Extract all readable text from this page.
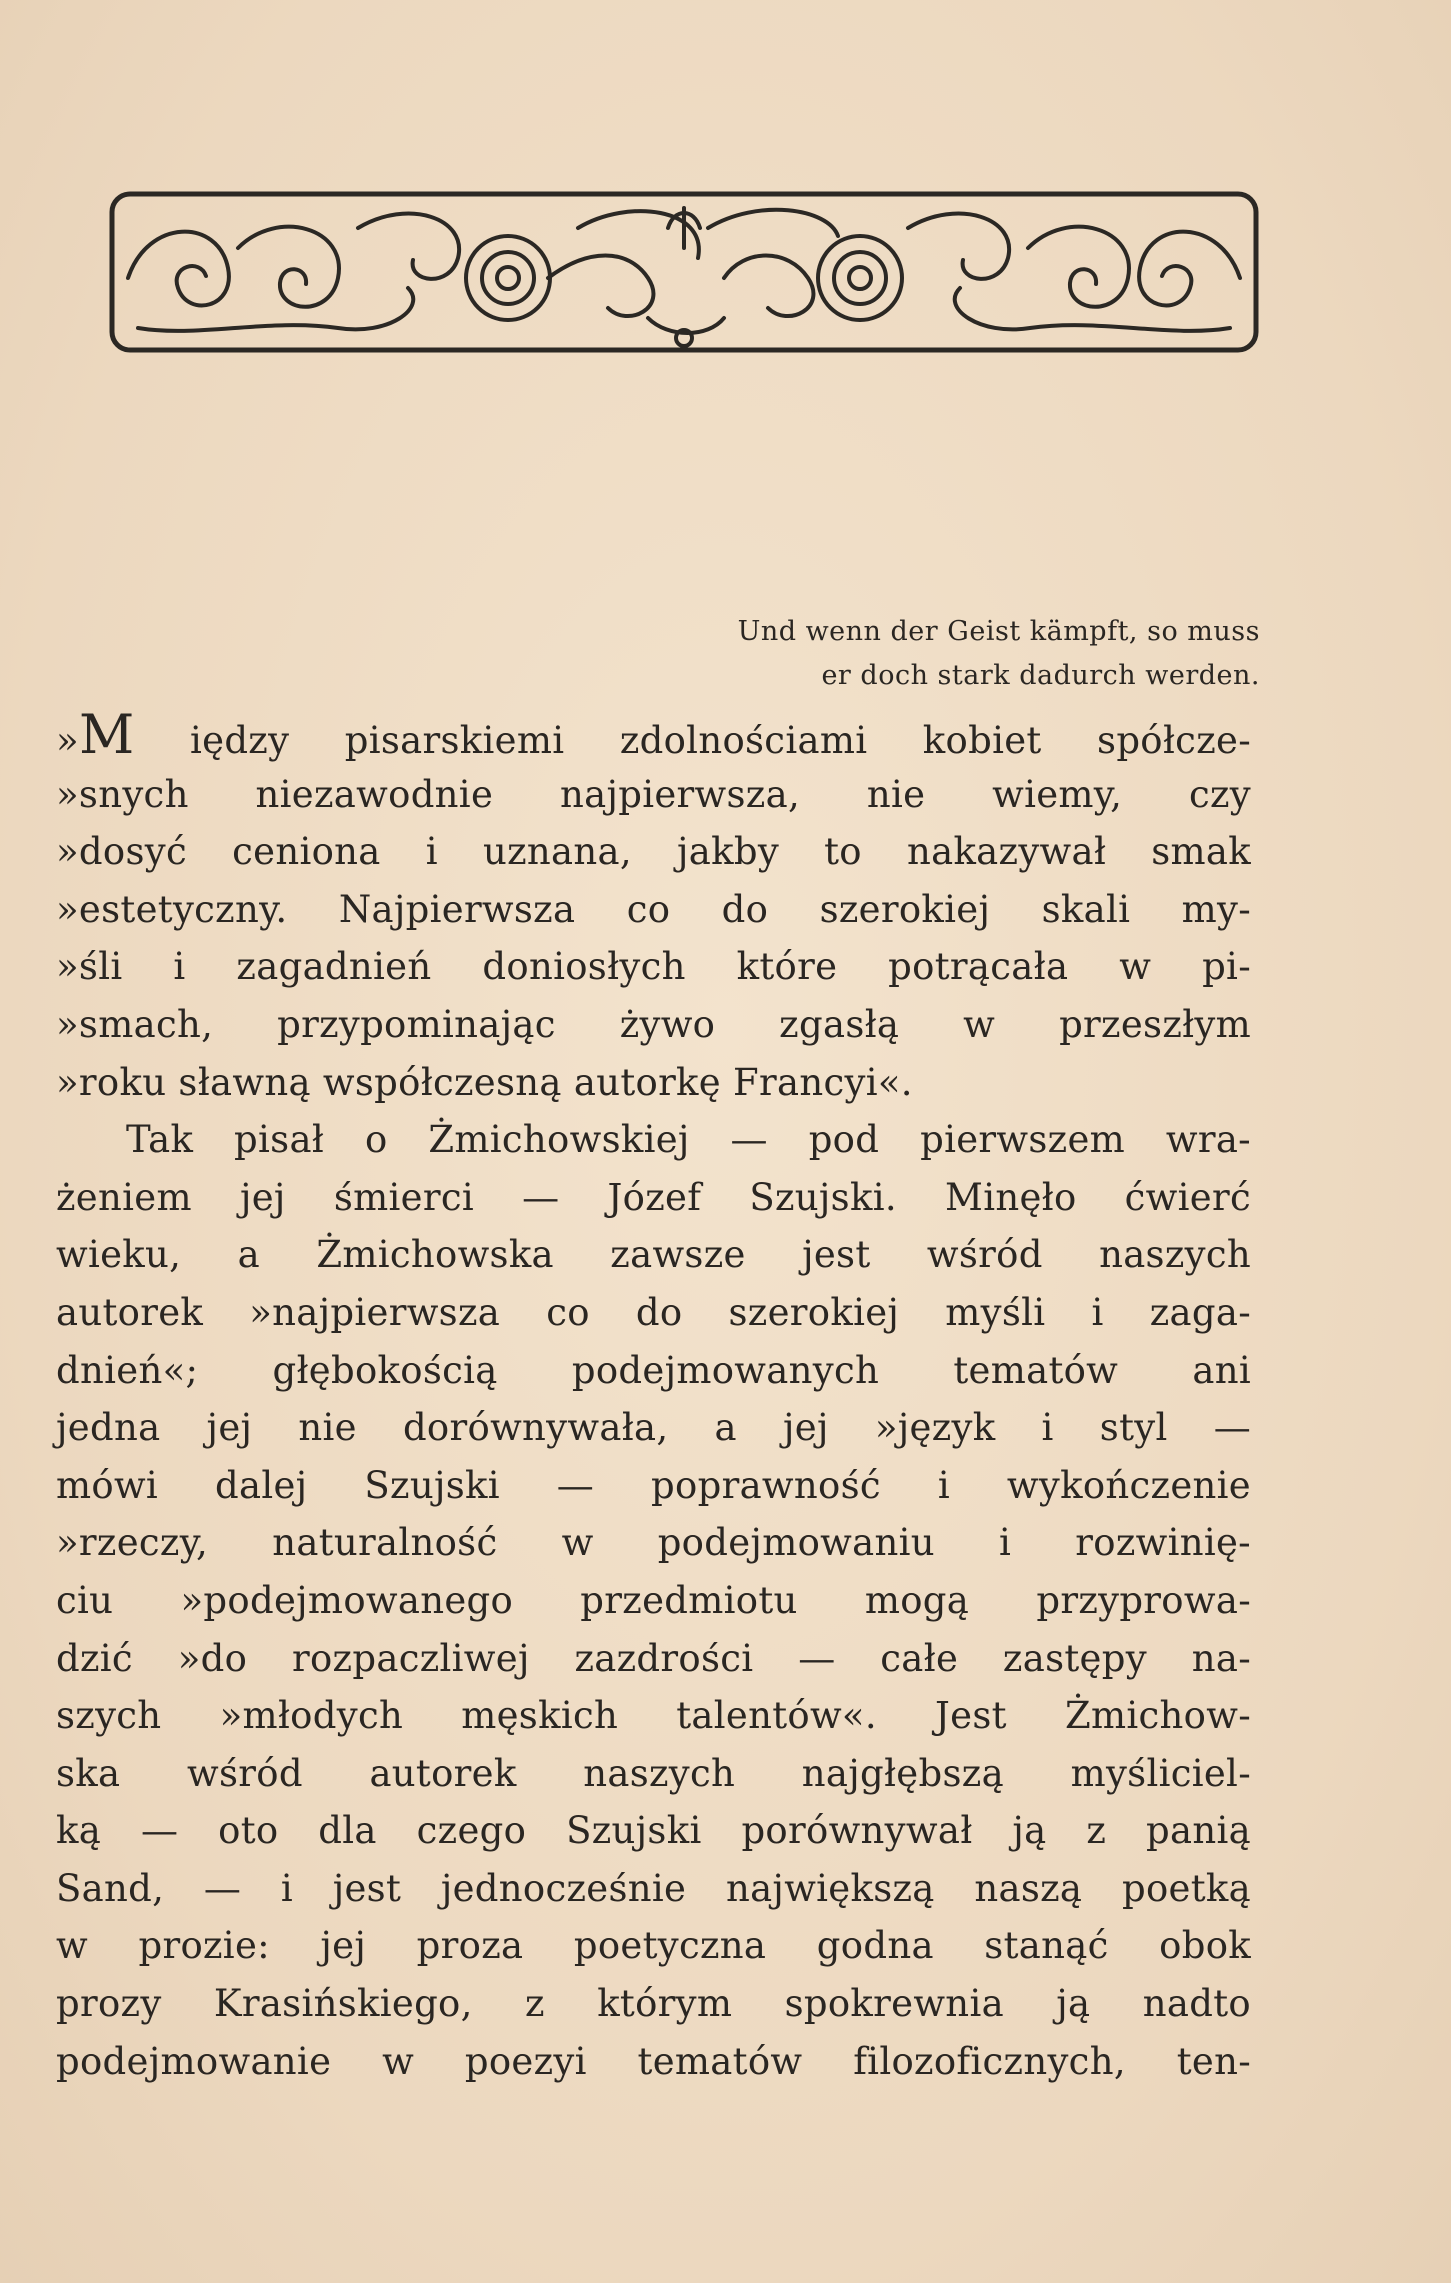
Und wenn der Geist kämpft, so muss
er doch stark dadurch werden.
»M iędzy pisarskiemi zdolnościami kobiet spółcze-
»snych niezawodnie najpierwsza, nie wiemy, czy
»dosyć ceniona i uznana, jakby to nakazywał smak
»estetyczny. Najpierwsza co do szerokiej skali my-
»śli i zagadnień doniosłych które potrącała w pi-
»smach, przypominając żywo zgasłą w przeszłym
»roku sławną współczesną autorkę Francyi«.
Tak pisał o Żmichowskiej — pod pierwszem wra-
żeniem jej śmierci — Józef Szujski. Minęło ćwierć
wieku, a Żmichowska zawsze jest wśród naszych
autorek »najpierwsza co do szerokiej myśli i zaga-
dnień«; głębokością podejmowanych tematów ani
jedna jej nie dorównywała, a jej »język i styl —
mówi dalej Szujski — poprawność i wykończenie
»rzeczy, naturalność w podejmowaniu i rozwinię-
ciu »podejmowanego przedmiotu mogą przyprowa-
dzić »do rozpaczliwej zazdrości — całe zastępy na-
szych »młodych męskich talentów«. Jest Żmichow-
ska wśród autorek naszych najgłębszą myśliciel-
ką — oto dla czego Szujski porównywał ją z panią
Sand, — i jest jednocześnie największą naszą poetką
w prozie: jej proza poetyczna godna stanąć obok
prozy Krasińskiego, z którym spokrewnia ją nadto
podejmowanie w poezyi tematów filozoficznych, ten-
